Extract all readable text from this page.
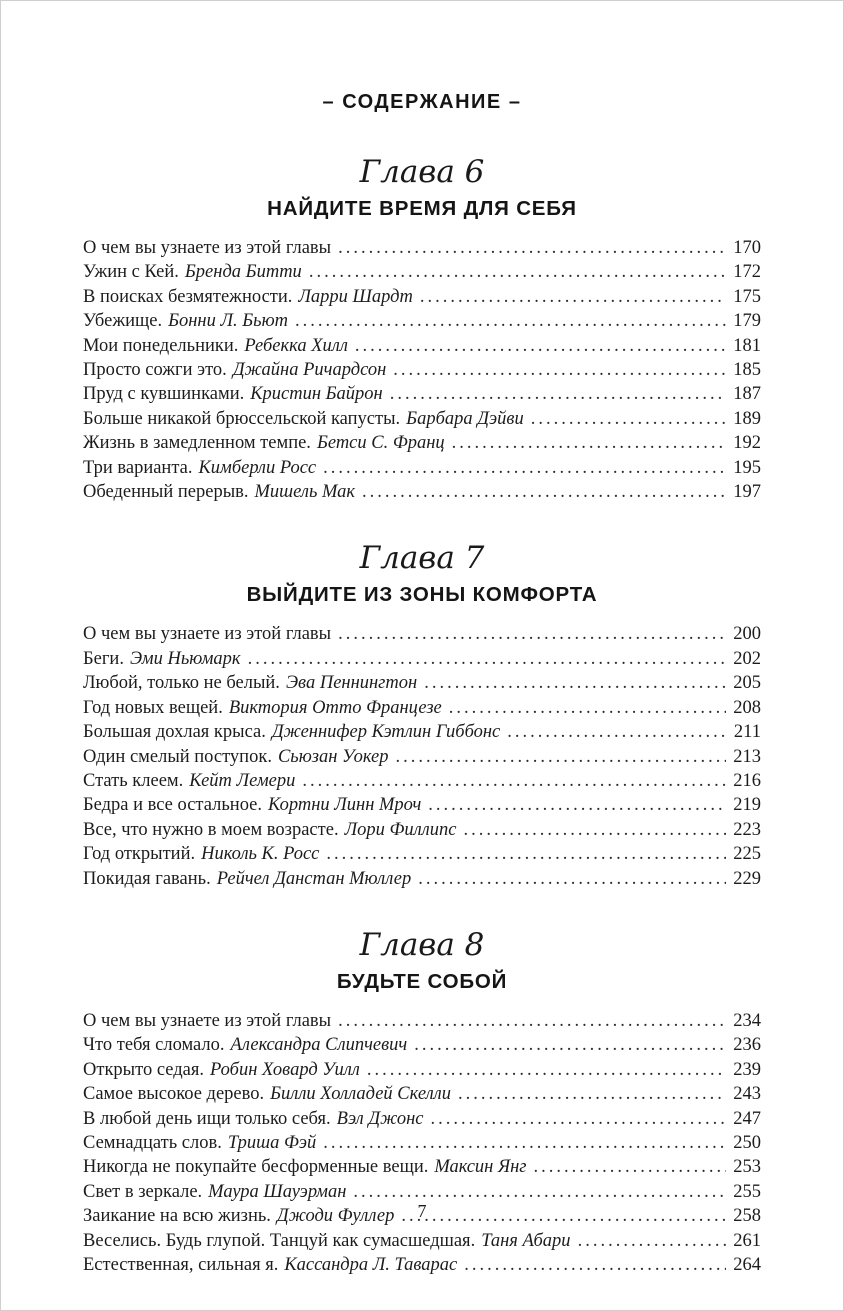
– СОДЕРЖАНИЕ –
Глава 6
НАЙДИТЕ ВРЕМЯ ДЛЯ СЕБЯ
О чем вы узнаете из этой главы .....	170
Ужин с Кей. Бренда Битти .....	172
В поисках безмятежности. Ларри Шардт .....	175
Убежище. Бонни Л. Бьют .....	179
Мои понедельники. Ребекка Хилл .....	181
Просто сожги это. Джайна Ричардсон .....	185
Пруд с кувшинками. Кристин Байрон .....	187
Больше никакой брюссельской капусты. Барбара Дэйви .....	189
Жизнь в замедленном темпе. Бетси С. Франц .....	192
Три варианта. Кимберли Росс .....	195
Обеденный перерыв. Мишель Мак .....	197
Глава 7
ВЫЙДИТЕ ИЗ ЗОНЫ КОМФОРТА
О чем вы узнаете из этой главы .....	200
Беги. Эми Ньюмарк .....	202
Любой, только не белый. Эва Пеннингтон .....	205
Год новых вещей. Виктория Отто Францезе .....	208
Большая дохлая крыса. Дженнифер Кэтлин Гиббонс .....	211
Один смелый поступок. Сьюзан Уокер .....	213
Стать клеем. Кейт Лемери .....	216
Бедра и все остальное. Кортни Линн Мроч .....	219
Все, что нужно в моем возрасте. Лори Филлипс .....	223
Год открытий. Николь К. Росс .....	225
Покидая гавань. Рейчел Данстан Мюллер .....	229
Глава 8
БУДЬТЕ СОБОЙ
О чем вы узнаете из этой главы .....	234
Что тебя сломало. Александра Слипчевич .....	236
Открыто седая. Робин Ховард Уилл .....	239
Самое высокое дерево. Билли Холладей Скелли .....	243
В любой день ищи только себя. Вэл Джонс .....	247
Семнадцать слов. Триша Фэй .....	250
Никогда не покупайте бесформенные вещи. Максин Янг .....	253
Свет в зеркале. Маура Шауэрман .....	255
Заикание на всю жизнь. Джоди Фуллер .....	258
Веселись. Будь глупой. Танцуй как сумасшедшая. Таня Абари .....	261
Естественная, сильная я. Кассандра Л. Таварас .....	264
7
